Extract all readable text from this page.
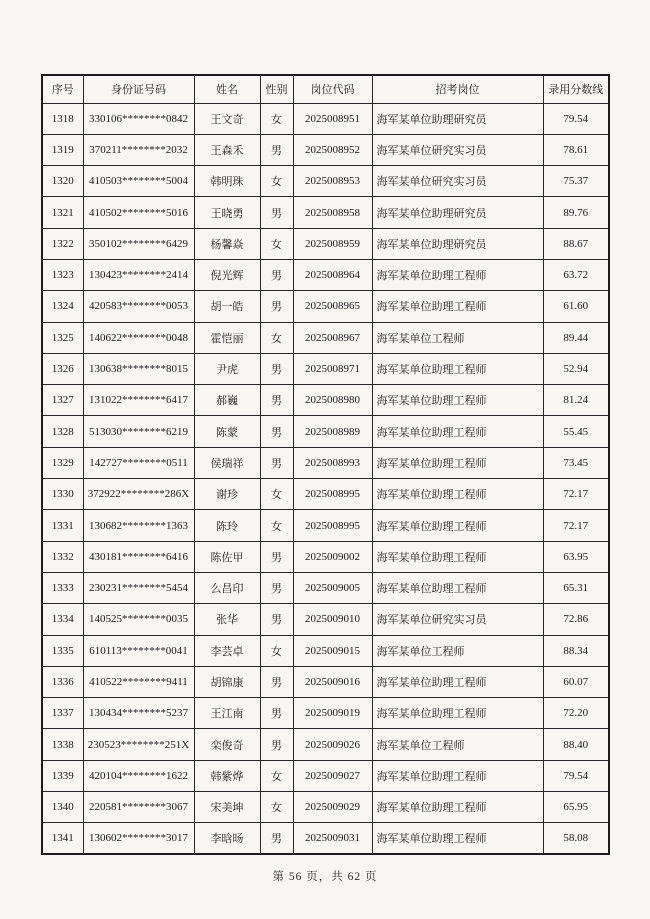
序号	身份证号码	姓名	性别	岗位代码	招考岗位	录用分数线
1318	330106********0842	王文奇	女	2025008951	海军某单位助理研究员	79.54
1319	370211********2032	王森禾	男	2025008952	海军某单位研究实习员	78.61
1320	410503********5004	韩明珠	女	2025008953	海军某单位研究实习员	75.37
1321	410502********5016	王晓勇	男	2025008958	海军某单位助理研究员	89.76
1322	350102********6429	杨馨焱	女	2025008959	海军某单位助理研究员	88.67
1323	130423********2414	倪光辉	男	2025008964	海军某单位助理工程师	63.72
1324	420583********0053	胡一皓	男	2025008965	海军某单位助理工程师	61.60
1325	140622********0048	霍恺丽	女	2025008967	海军某单位工程师	89.44
1326	130638********8015	尹虎	男	2025008971	海军某单位助理工程师	52.94
1327	131022********6417	郝巍	男	2025008980	海军某单位助理工程师	81.24
1328	513030********6219	陈蒙	男	2025008989	海军某单位助理工程师	55.45
1329	142727********0511	侯瑞祥	男	2025008993	海军某单位助理工程师	73.45
1330	372922********286X	谢珍	女	2025008995	海军某单位助理工程师	72.17
1331	130682********1363	陈玲	女	2025008995	海军某单位助理工程师	72.17
1332	430181********6416	陈佐甲	男	2025009002	海军某单位助理工程师	63.95
1333	230231********5454	么昌印	男	2025009005	海军某单位助理工程师	65.31
1334	140525********0035	张华	男	2025009010	海军某单位研究实习员	72.86
1335	610113********0041	李芸卓	女	2025009015	海军某单位工程师	88.34
1336	410522********9411	胡锦康	男	2025009016	海军某单位助理工程师	60.07
1337	130434********5237	王江南	男	2025009019	海军某单位助理工程师	72.20
1338	230523********251X	栾俊奇	男	2025009026	海军某单位工程师	88.40
1339	420104********1622	韩紫烨	女	2025009027	海军某单位助理工程师	79.54
1340	220581********3067	宋美坤	女	2025009029	海军某单位助理工程师	65.95
1341	130602********3017	李晗旸	男	2025009031	海军某单位助理工程师	58.08
第 56 页，共 62 页
